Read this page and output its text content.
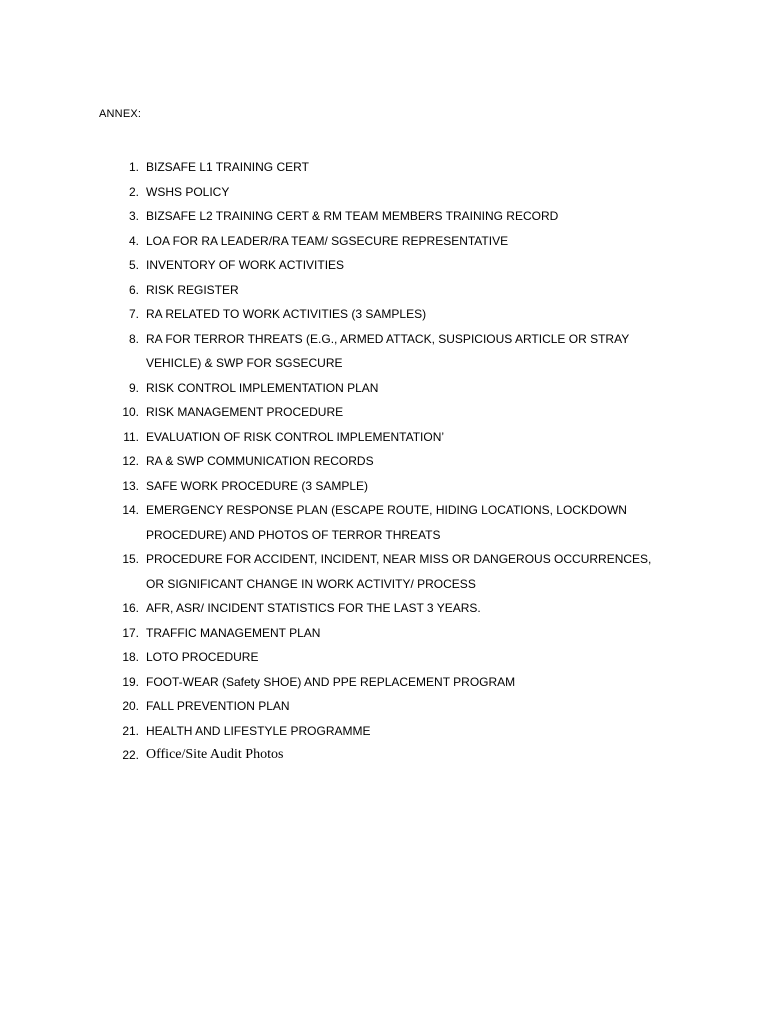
ANNEX:
1. BIZSAFE L1 TRAINING CERT
2. WSHS POLICY
3. BIZSAFE L2 TRAINING CERT & RM TEAM MEMBERS TRAINING RECORD
4. LOA FOR RA LEADER/RA TEAM/ SGSECURE REPRESENTATIVE
5. INVENTORY OF WORK ACTIVITIES
6. RISK REGISTER
7. RA RELATED TO WORK ACTIVITIES (3 SAMPLES)
8. RA FOR TERROR THREATS (E.G., ARMED ATTACK, SUSPICIOUS ARTICLE OR STRAY VEHICLE) & SWP FOR SGSECURE
9. RISK CONTROL IMPLEMENTATION PLAN
10. RISK MANAGEMENT PROCEDURE
11. EVALUATION OF RISK CONTROL IMPLEMENTATION’
12. RA & SWP COMMUNICATION RECORDS
13. SAFE WORK PROCEDURE (3 SAMPLE)
14. EMERGENCY RESPONSE PLAN (ESCAPE ROUTE, HIDING LOCATIONS, LOCKDOWN PROCEDURE) AND PHOTOS OF TERROR THREATS
15. PROCEDURE FOR ACCIDENT, INCIDENT, NEAR MISS OR DANGEROUS OCCURRENCES, OR SIGNIFICANT CHANGE IN WORK ACTIVITY/ PROCESS
16. AFR, ASR/ INCIDENT STATISTICS FOR THE LAST 3 YEARS.
17. TRAFFIC MANAGEMENT PLAN
18. LOTO PROCEDURE
19. FOOT-WEAR (Safety SHOE) AND PPE REPLACEMENT PROGRAM
20. FALL PREVENTION PLAN
21. HEALTH AND LIFESTYLE PROGRAMME
22. Office/Site Audit Photos
